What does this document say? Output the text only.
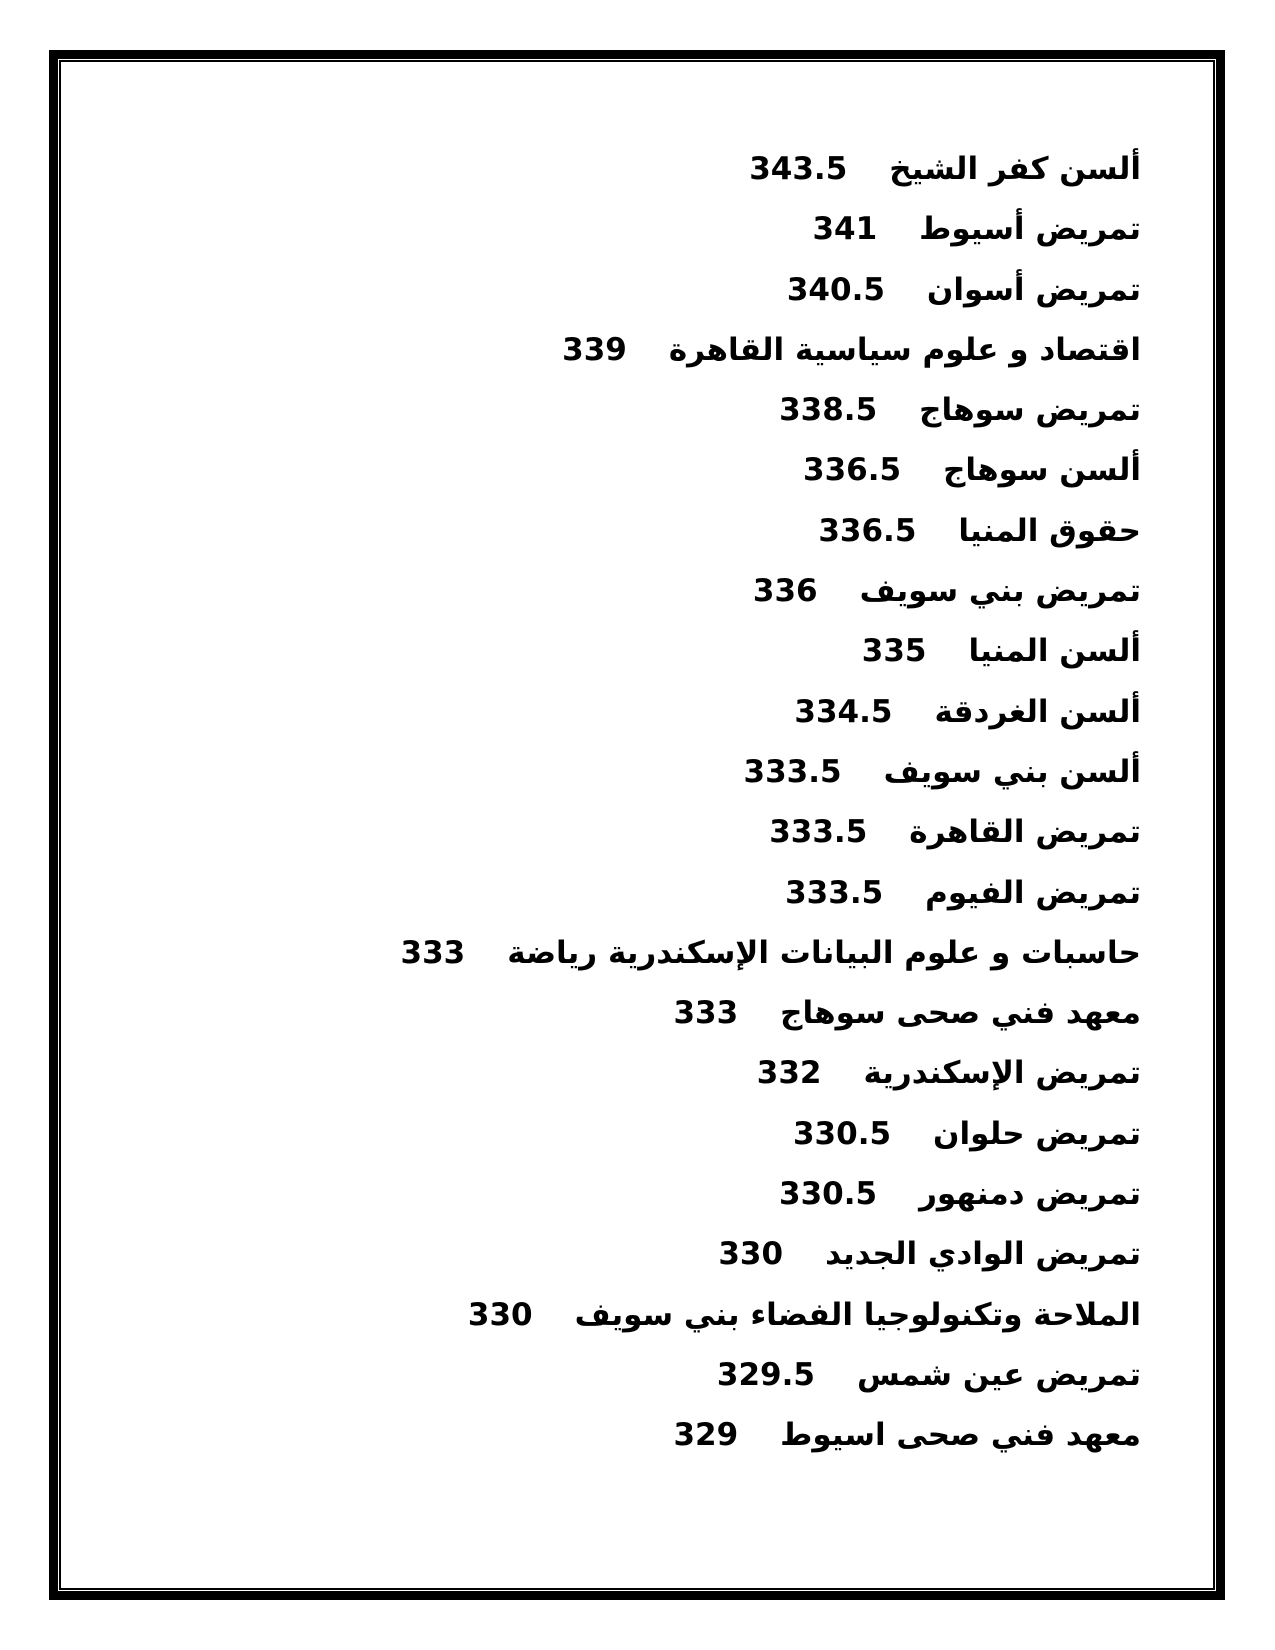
ألسن كفر الشيخ343.5
تمريض أسيوط341
تمريض أسوان340.5
اقتصاد و علوم سياسية القاهرة339
تمريض سوهاج338.5
ألسن سوهاج336.5
حقوق المنيا336.5
تمريض بني سويف336
ألسن المنيا335
ألسن الغردقة334.5
ألسن بني سويف333.5
تمريض القاهرة333.5
تمريض الفيوم333.5
حاسبات و علوم البيانات الإسكندرية رياضة333
معهد فني صحى سوهاج333
تمريض الإسكندرية332
تمريض حلوان330.5
تمريض دمنهور330.5
تمريض الوادي الجديد330
الملاحة وتكنولوجيا الفضاء بني سويف330
تمريض عين شمس329.5
معهد فني صحى اسيوط329
